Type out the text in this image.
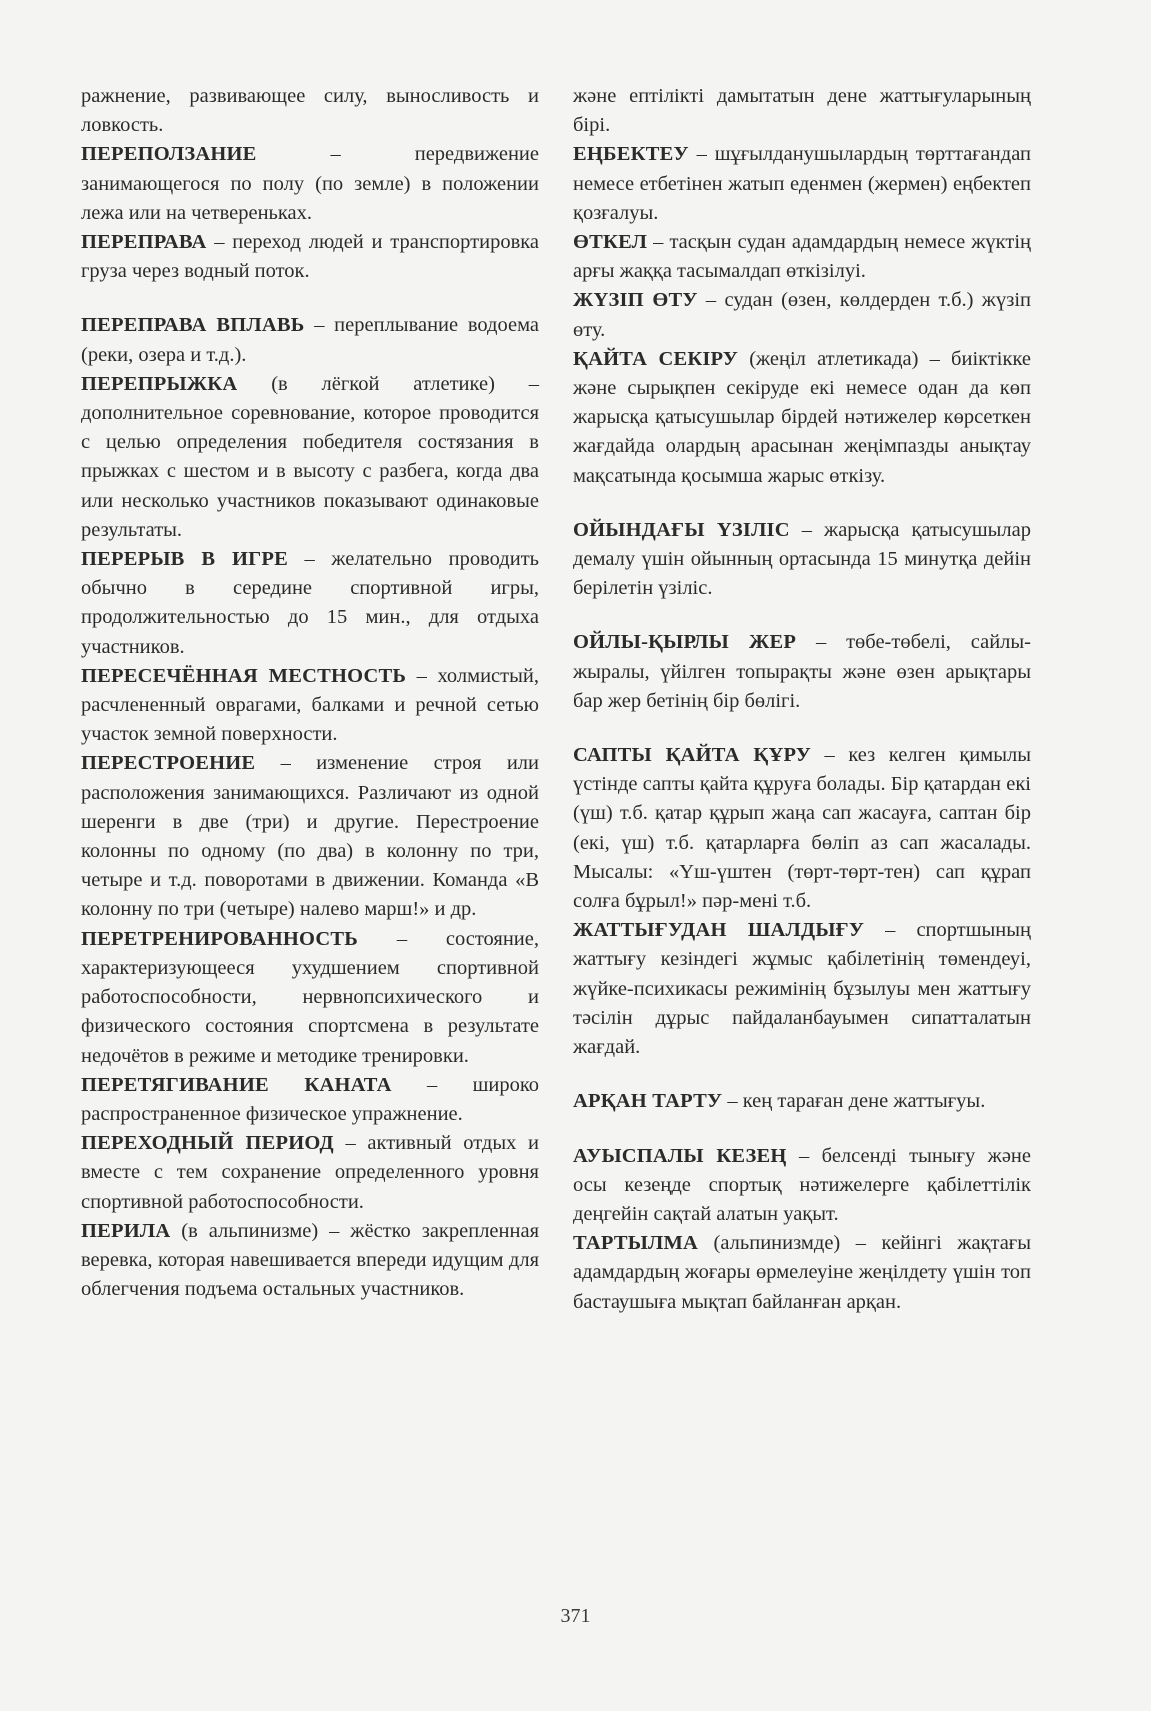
ражнение, развивающее силу, выносливость и ловкость.

ПЕРЕПОЛЗАНИЕ – передвижение занимающегося по полу (по земле) в положении лежа или на четвереньках.

ПЕРЕПРАВА – переход людей и транспортировка груза через водный поток.

ПЕРЕПРАВА ВПЛАВЬ – переплывание водоема (реки, озера и т.д.).

ПЕРЕПРЫЖКА (в лёгкой атлетике) – дополнительное соревнование, которое проводится с целью определения победителя состязания в прыжках с шестом и в высоту с разбега, когда два или несколько участников показывают одинаковые результаты.

ПЕРЕРЫВ В ИГРЕ – желательно проводить обычно в середине спортивной игры, продолжительностью до 15 мин., для отдыха участников.

ПЕРЕСЕЧЁННАЯ МЕСТНОСТЬ – холмистый, расчлененный оврагами, балками и речной сетью участок земной поверхности.

ПЕРЕСТРОЕНИЕ – изменение строя или расположения занимающихся. Различают из одной шеренги в две (три) и другие. Перестроение колонны по одному (по два) в колонну по три, четыре и т.д. поворотами в движении. Команда «В колонну по три (четыре) налево марш!» и др.

ПЕРЕТРЕНИРОВАННОСТЬ – состояние, характеризующееся ухудшением спортивной работоспособности, нервнопсихического и физического состояния спортсмена в результате недочётов в режиме и методике тренировки.

ПЕРЕТЯГИВАНИЕ КАНАТА – широко распространенное физическое упражнение.

ПЕРЕХОДНЫЙ ПЕРИОД – активный отдых и вместе с тем сохранение определенного уровня спортивной работоспособности.

ПЕРИЛА (в альпинизме) – жёстко закрепленная веревка, которая навешивается впереди идущим для облегчения подъема остальных участников.

және ептілікті дамытатын дене жаттығуларының бірі.

ЕҢБЕКТЕУ – шұғылданушылардың төрттағандап немесе етбетінен жатып еденмен (жермен) еңбектеп қозғалуы.

ӨТКЕЛ – тасқын судан адамдардың немесе жүктің арғы жаққа тасымалдап өткізілуі.

ЖҮЗІП ӨТУ – судан (өзен, көлдерден т.б.) жүзіп өту.

ҚАЙТА СЕКІРУ (жеңіл атлетикада) – биіктікке және сырықпен секіруде екі немесе одан да көп жарысқа қатысушылар бірдей нәтижелер көрсеткен жағдайда олардың арасынан жеңімпазды анықтау мақсатында қосымша жарыс өткізу.

ОЙЫНДАҒЫ ҮЗІЛІС – жарысқа қатысушылар демалу үшін ойынның ортасында 15 минутқа дейін берілетін үзіліс.

ОЙЛЫ-ҚЫРЛЫ ЖЕР – төбе-төбелі, сайлы-жыралы, үйілген топырақты және өзен арықтары бар жер бетінің бір бөлігі.

САПТЫ ҚАЙТА ҚҰРУ – кез келген қимылы үстінде сапты қайта құруға болады. Бір қатардан екі (үш) т.б. қатар құрып жаңа сап жасауға, саптан бір (екі, үш) т.б. қатарларға бөліп аз сап жасалады. Мысалы: «Үш-үштен (төрт-төрт-тен) сап құрап солға бұрыл!» пәр-мені т.б.

ЖАТТЫҒУДАН ШАЛДЫҒУ – спортшының жаттығу кезіндегі жұмыс қабілетінің төмендеуі, жүйке-психикасы режимінің бұзылуы мен жаттығу тәсілін дұрыс пайдаланбауымен сипатталатын жағдай.

АРҚАН ТАРТУ – кең тараған дене жаттығуы.

АУЫСПАЛЫ КЕЗЕҢ – белсенді тынығу және осы кезеңде спортық нәтижелерге қабілеттілік деңгейін сақтай алатын уақыт.

ТАРТЫЛМА (альпинизмде) – кейінгі жақтағы адамдардың жоғары өрмелеуіне жеңілдету үшін топ бастаушыға мықтап байланған арқан.

371
